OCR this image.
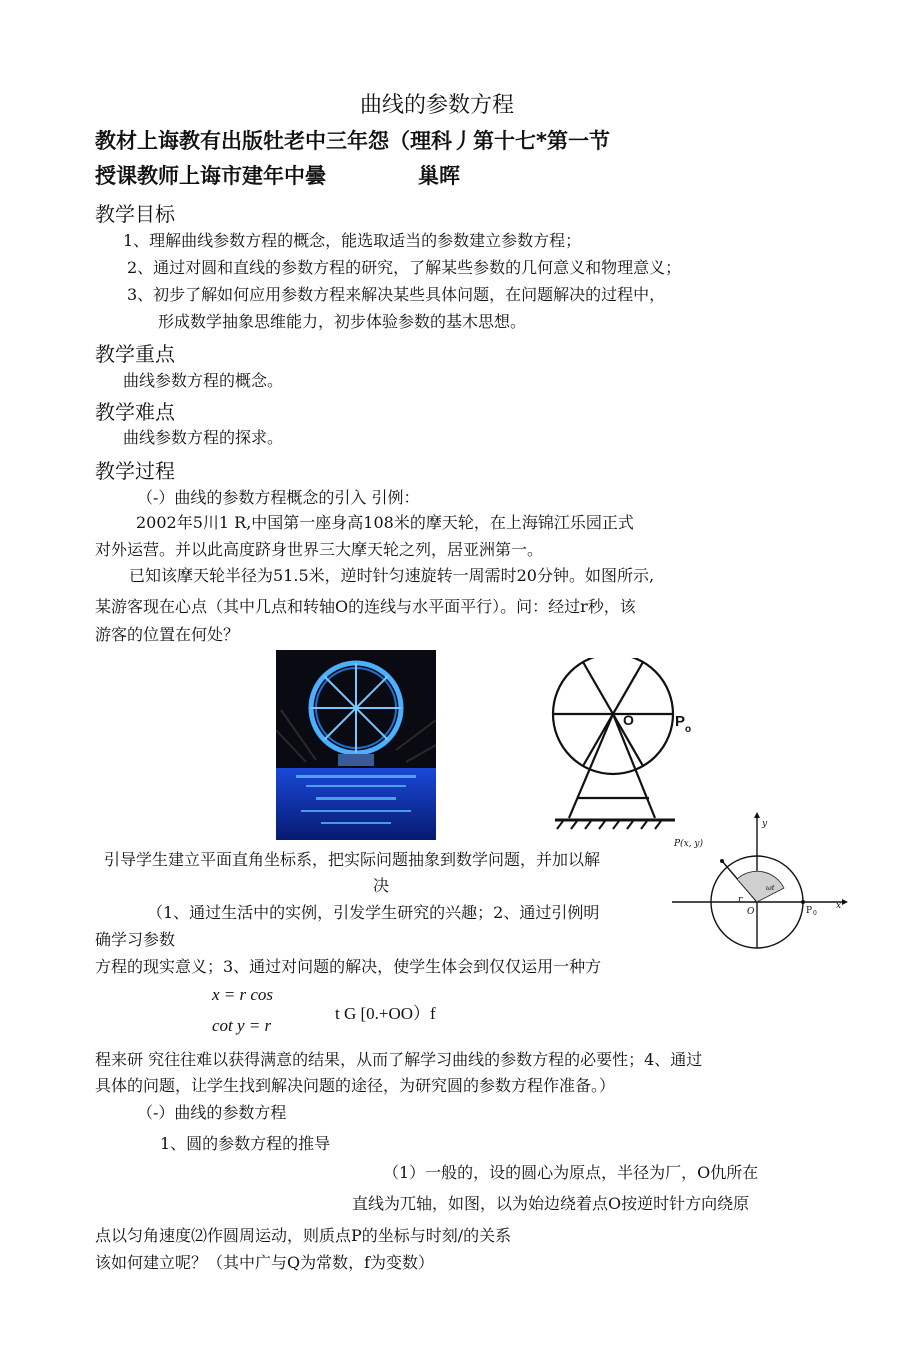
曲线的参数方程
教材上诲教有出版牡老中三年怨（理科丿第十七*第一节
授课教师上诲市建年中曇	巢晖
教学目标
1、理解曲线参数方程的概念，能选取适当的参数建立参数方程；
2、通过对圆和直线的参数方程的研究，了解某些参数的几何意义和物理意义；
3、初步了解如何应用参数方程来解决某些具体问题，在问题解决的过程中，
形成数学抽象思维能力，初步体验参数的基木思想。
教学重点
曲线参数方程的概念。
教学难点
曲线参数方程的探求。
教学过程
（-）曲线的参数方程概念的引入 引例：
2002年5川1 R,中国第一座身高108米的摩天轮，在上海锦江乐园正式
对外运营。并以此高度跻身世界三大摩天轮之列，居亚洲第一。
已知该摩天轮半径为51.5米，逆时针匀速旋转一周需时20分钟。如图所示,
某游客现在心点（其中几点和转轴O的连线与水平面平行）。问：经过r秒，该
游客的位置在何处？
O	P o
P(x, y)
y
x
r
ωt
O	P 0
引导学生建立平面直角坐标系，把实际问题抽象到数学问题，并加以解
决
（1、通过生活中的实例，引发学生研究的兴趣；2、通过引例明
确学习参数
方程的现实意义；3、通过对问题的解决，使学生体会到仅仅运用一种方
x = r cos
cot y = r
t G [0.+OO）f
程来研 究往往难以获得满意的结果，从而了解学习曲线的参数方程的必要性；4、通过
具体的问题，让学生找到解决问题的途径，为研究圆的参数方程作准备。）
（-）曲线的参数方程
1、圆的参数方程的推导
（1）一般的，设的圆心为原点，半径为厂，O仇所在
直线为兀轴，如图，以为始边绕着点O按逆时针方向绕原
点以匀角速度⑵作圆周运动，则质点P的坐标与时刻/的关系
该如何建立呢？（其中广与Q为常数，f为变数）
